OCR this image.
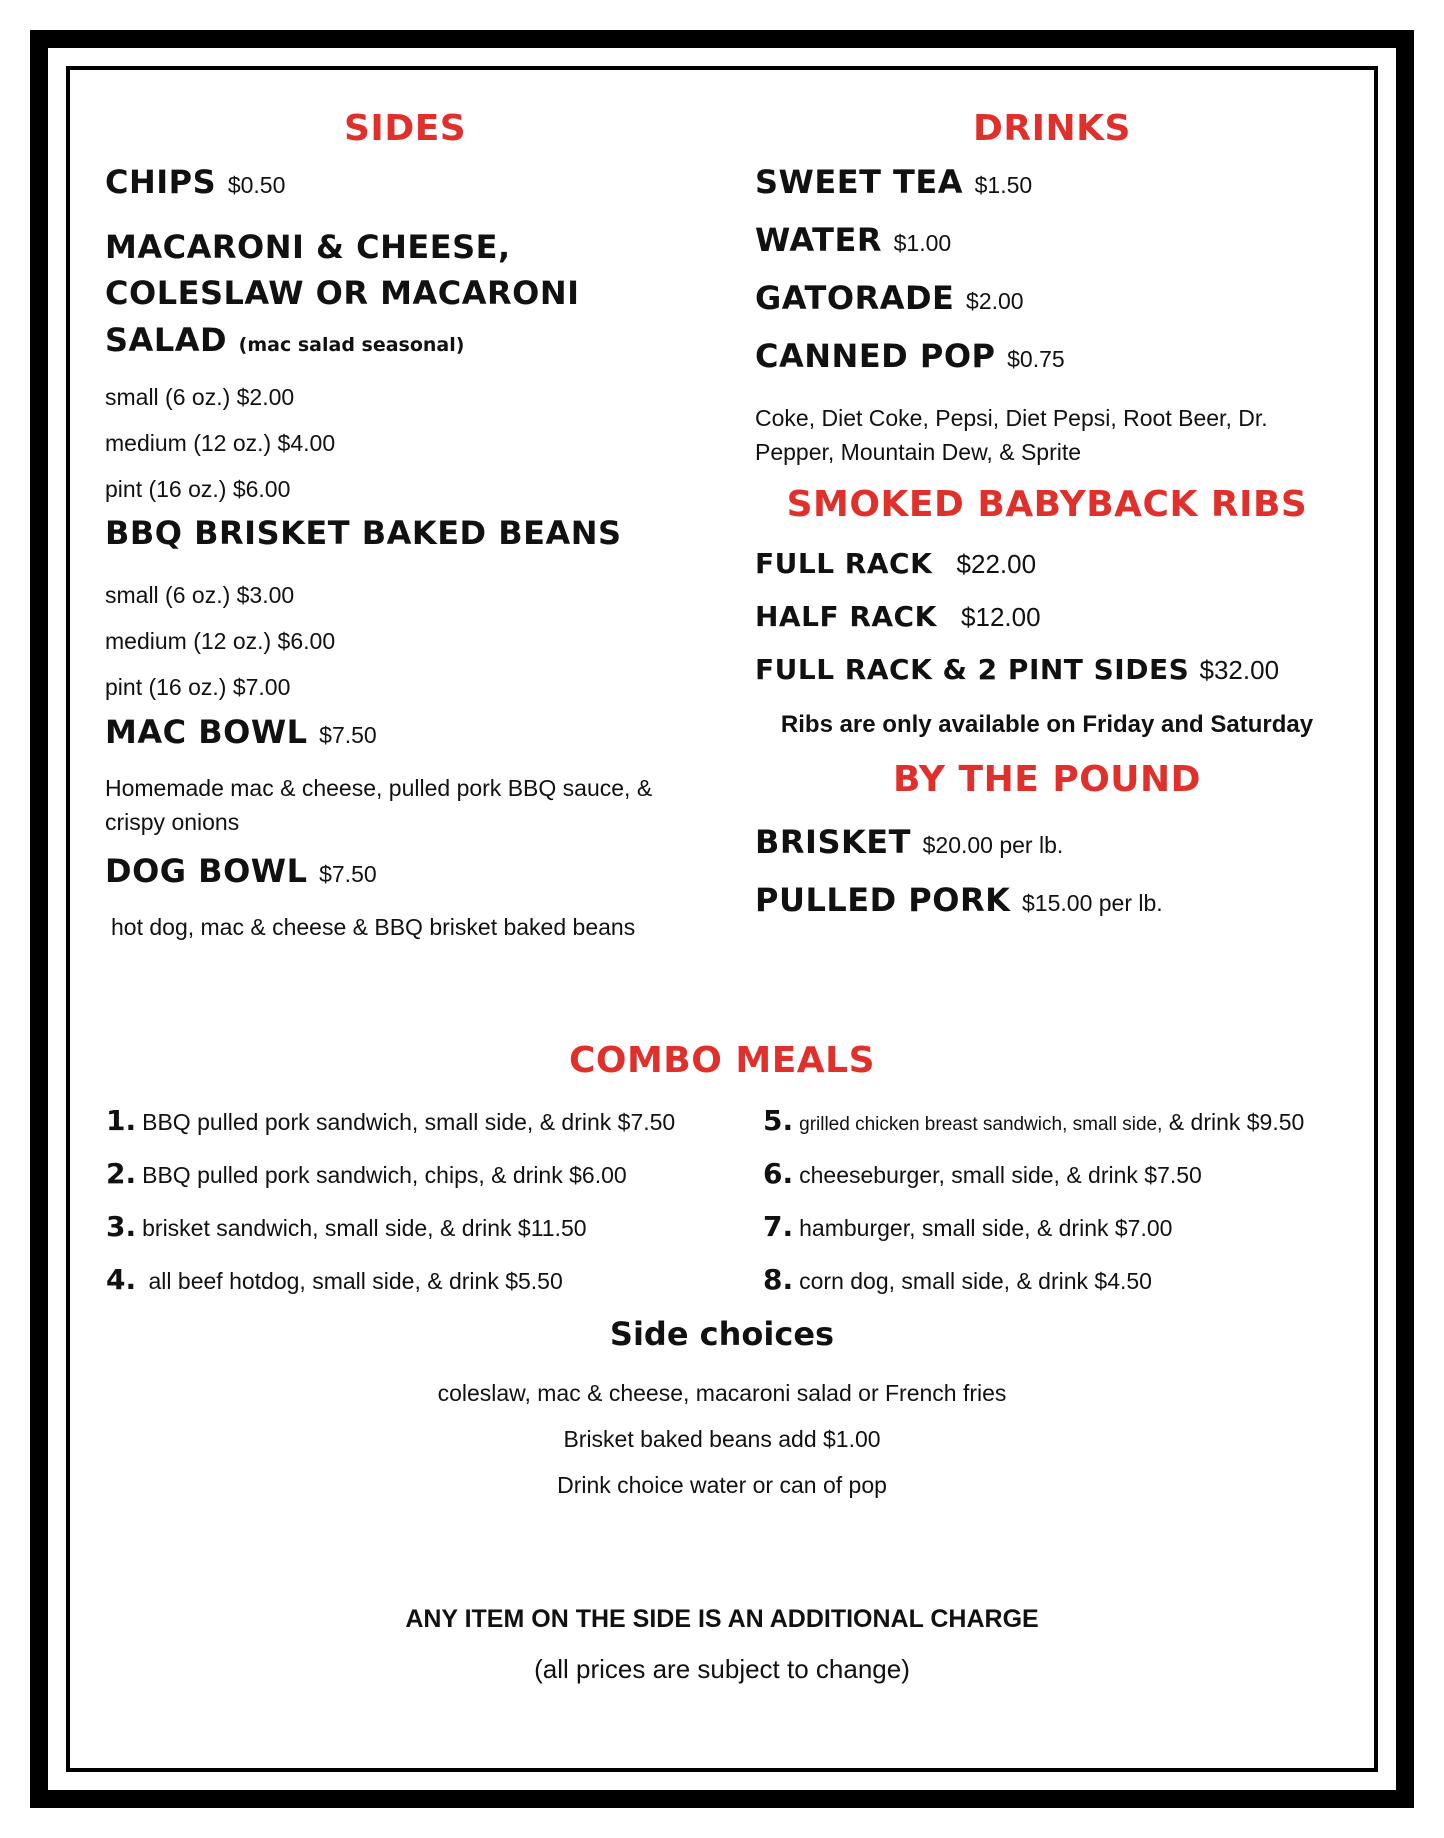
SIDES
CHIPS $0.50
MACARONI & CHEESE,
COLESLAW OR MACARONI
SALAD (mac salad seasonal)
small (6 oz.) $2.00
medium (12 oz.) $4.00
pint (16 oz.) $6.00
BBQ BRISKET BAKED BEANS
small (6 oz.) $3.00
medium (12 oz.) $6.00
pint (16 oz.) $7.00
MAC BOWL $7.50
Homemade mac & cheese, pulled pork BBQ sauce, & crispy onions
DOG BOWL $7.50
hot dog, mac & cheese & BBQ brisket baked beans
DRINKS
SWEET TEA $1.50
WATER $1.00
GATORADE $2.00
CANNED POP $0.75
Coke, Diet Coke, Pepsi, Diet Pepsi, Root Beer, Dr. Pepper, Mountain Dew, & Sprite
SMOKED BABYBACK RIBS
FULL RACK $22.00
HALF RACK $12.00
FULL RACK & 2 PINT SIDES $32.00
Ribs are only available on Friday and Saturday
BY THE POUND
BRISKET $20.00 per lb.
PULLED PORK $15.00 per lb.
COMBO MEALS
1. BBQ pulled pork sandwich, small side, & drink $7.50
2. BBQ pulled pork sandwich, chips, & drink $6.00
3. brisket sandwich, small side, & drink $11.50
4. all beef hotdog, small side, & drink $5.50
5. grilled chicken breast sandwich, small side, & drink $9.50
6. cheeseburger, small side, & drink $7.50
7. hamburger, small side, & drink $7.00
8. corn dog, small side, & drink $4.50
Side choices
coleslaw, mac & cheese, macaroni salad or French fries
Brisket baked beans add $1.00
Drink choice water or can of pop
ANY ITEM ON THE SIDE IS AN ADDITIONAL CHARGE
(all prices are subject to change)
